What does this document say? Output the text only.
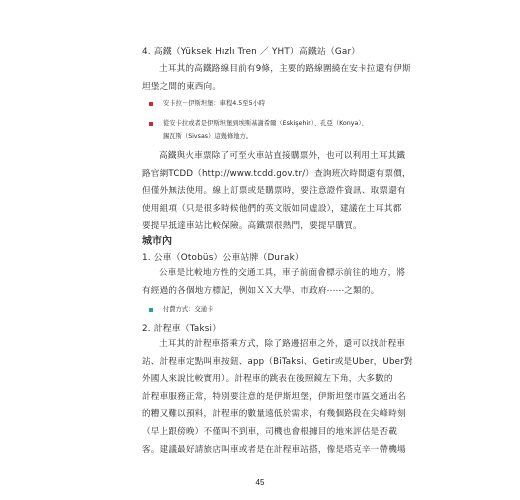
4. 高鐵（Yüksek Hızlı Tren ／ YHT）高鐵站（Gar）

土耳其的高鐵路線目前有9條，主要的路線圍繞在安卡拉還有伊斯

坦堡之間的東西向。

安卡拉－伊斯坦堡：車程4.5至5小時

從安卡拉或者是伊斯坦堡到埃斯基謝希爾（Eskişehir）、孔亞（Konya）、

錫瓦斯（Sivsas）這幾條地方。

高鐵與火車票除了可至火車站直接購票外，也可以利用土耳其鐵

路官網TCDD（http://www.tcdd.gov.tr/）查詢班次時間還有票價，

但僅外無法使用。線上訂票或是購票時，要注意證件資訊、取票還有

使用組項（只是很多時候他們的英文版如同虛設），建議在土耳其都

要提早抵達車站比較保險。高鐵票很熱門，要提早購買。

城市內

1. 公車（Otobüs）公車站牌（Durak）

公車是比較地方性的交通工具，車子前面會標示前往的地方，將

有經過的各個地方標記，例如ＸＸ大學、市政府⋯⋯之類的。

付費方式：交通卡

2. 計程車（Taksi）

土耳其的計程車搭乘方式，除了路邊招車之外，還可以找計程車

站、計程車定點叫車按鈕、app（BiTaksi、Getir或是Uber，Uber對

外國人來說比較實用）。計程車的跳表在後照鏡左下角，大多數的

計程車服務正常，特別要注意的是伊斯坦堡，伊斯坦堡市區交通出名

的糟又難以預料，計程車的數量遠低於需求，有幾個路段在尖峰時刻

（早上跟傍晚）不僅叫不到車，司機也會根據目的地來評估是否載

客。建議最好請旅店叫車或者是在計程車站搭，像是塔克辛一帶機場

45
